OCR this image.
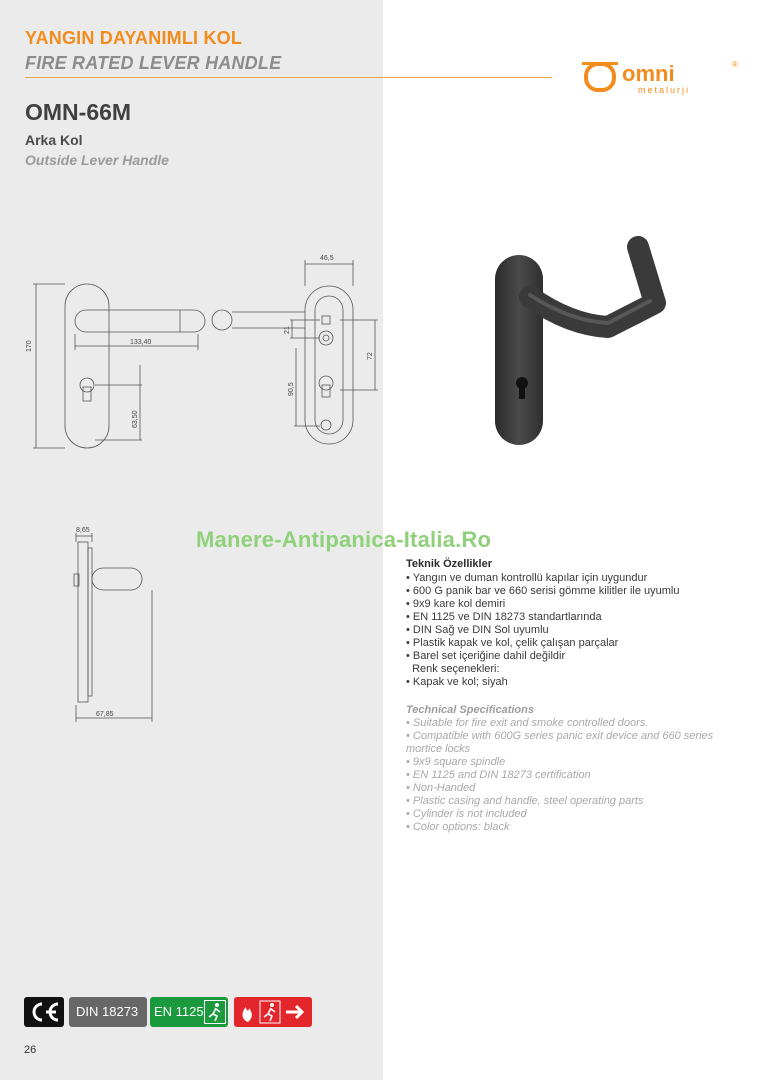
YANGIN DAYANIMLI KOL
FIRE RATED LEVER HANDLE	omni	®
metalurji
OMN-66M
Arka Kol
Outside Lever Handle
170	133,40
63,50
46,5
21
72
90,5
8,65
67,85
Manere-Antipanica-Italia.Ro
Teknik Özellikler
• Yangın ve duman kontrollü kapılar için uygundur
• 600 G panik bar ve 660 serisi gömme kilitler ile uyumlu
• 9x9 kare kol demiri
• EN 1125 ve DIN 18273 standartlarında
• DIN Sağ ve DIN Sol uyumlu
• Plastik kapak ve kol, çelik çalışan parçalar
• Barel set içeriğine dahil değildir
Renk seçenekleri:
• Kapak ve kol; siyah
Technical Specifications
• Suitable for fire exit and smoke controlled doors.
• Compatible with 600G series panic exit device and 660 series mortice locks
• 9x9 square spindle
• EN 1125 and DIN 18273 certification
• Non-Handed
• Plastic casing and handle, steel operating parts
• Cylinder is not included
• Color options: black
DIN 18273 EN 1125
26
